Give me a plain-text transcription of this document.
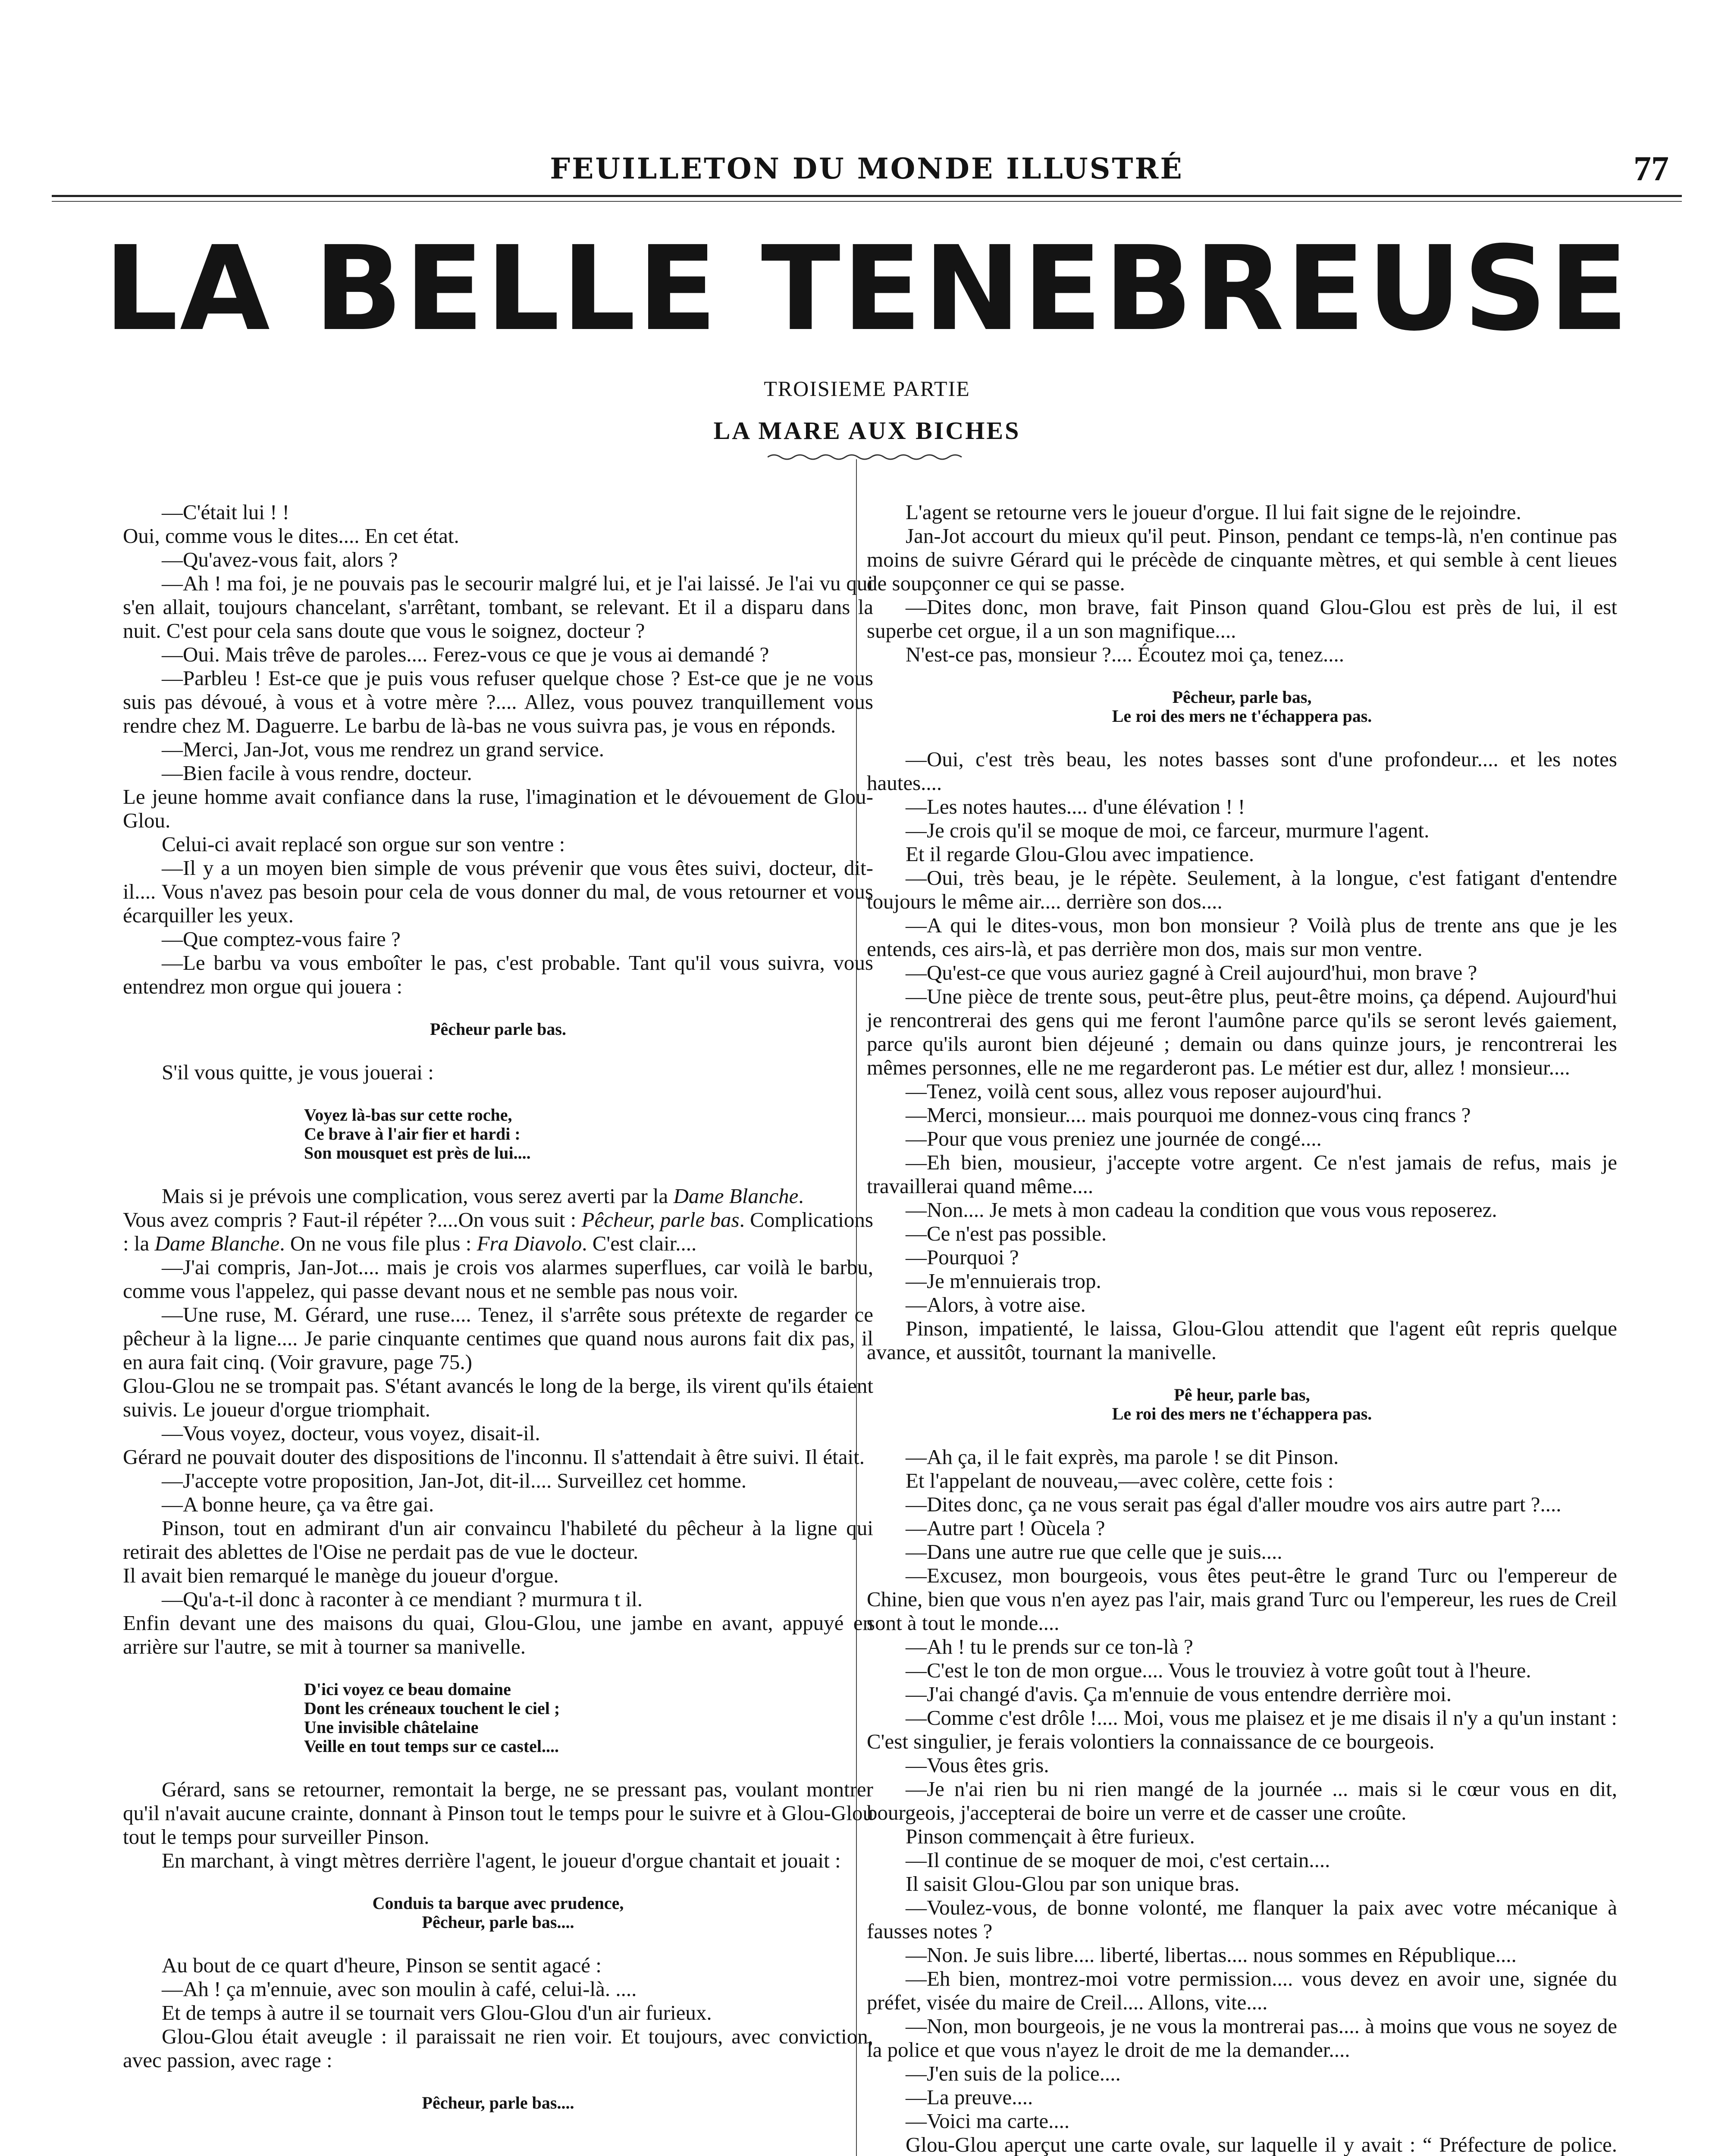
FEUILLETON DU MONDE ILLUSTRÉ	77
LA BELLE TENEBREUSE
TROISIEME PARTIE
LA MARE AUX BICHES

—C'était lui ! !

Oui, comme vous le dites.... En cet état.

—Qu'avez-vous fait, alors ?

—Ah ! ma foi, je ne pouvais pas le secourir malgré lui, et je l'ai laissé. Je l'ai vu qui s'en allait, toujours chancelant, s'arrêtant, tombant, se relevant. Et il a disparu dans la nuit. C'est pour cela sans doute que vous le soignez, docteur ?

—Oui. Mais trêve de paroles.... Ferez-vous ce que je vous ai demandé ?

—Parbleu ! Est-ce que je puis vous refuser quelque chose ? Est-ce que je ne vous suis pas dévoué, à vous et à votre mère ?.... Allez, vous pouvez tranquillement vous rendre chez M. Daguerre. Le barbu de là-bas ne vous suivra pas, je vous en réponds.

—Merci, Jan-Jot, vous me rendrez un grand service.

—Bien facile à vous rendre, docteur.

Le jeune homme avait confiance dans la ruse, l'imagination et le dévouement de Glou-Glou.

Celui-ci avait replacé son orgue sur son ventre :

—Il y a un moyen bien simple de vous prévenir que vous êtes suivi, docteur, dit-il.... Vous n'avez pas besoin pour cela de vous donner du mal, de vous retourner et vous écarquiller les yeux.

—Que comptez-vous faire ?

—Le barbu va vous emboîter le pas, c'est probable. Tant qu'il vous suivra, vous entendrez mon orgue qui jouera :

Pêcheur parle bas.

S'il vous quitte, je vous jouerai :

Voyez là-bas sur cette roche,
Ce brave à l'air fier et hardi :
Son mousquet est près de lui....

Mais si je prévois une complication, vous serez averti par la Dame Blanche.

Vous avez compris ? Faut-il répéter ?....On vous suit : Pêcheur, parle bas. Complications : la Dame Blanche. On ne vous file plus : Fra Diavolo. C'est clair....

—J'ai compris, Jan-Jot.... mais je crois vos alarmes superflues, car voilà le barbu, comme vous l'appelez, qui passe devant nous et ne semble pas nous voir.

—Une ruse, M. Gérard, une ruse.... Tenez, il s'arrête sous prétexte de regarder ce pêcheur à la ligne.... Je parie cinquante centimes que quand nous aurons fait dix pas, il en aura fait cinq. (Voir gravure, page 75.)

Glou-Glou ne se trompait pas. S'étant avancés le long de la berge, ils virent qu'ils étaient suivis. Le joueur d'orgue triomphait.

—Vous voyez, docteur, vous voyez, disait-il.

Gérard ne pouvait douter des dispositions de l'inconnu. Il s'attendait à être suivi. Il était.

—J'accepte votre proposition, Jan-Jot, dit-il.... Surveillez cet homme.

—A bonne heure, ça va être gai.

Pinson, tout en admirant d'un air convaincu l'habileté du pêcheur à la ligne qui retirait des ablettes de l'Oise ne perdait pas de vue le docteur.

Il avait bien remarqué le manège du joueur d'orgue.

—Qu'a-t-il donc à raconter à ce mendiant ? murmura t il.

Enfin devant une des maisons du quai, Glou-Glou, une jambe en avant, appuyé en arrière sur l'autre, se mit à tourner sa manivelle.

D'ici voyez ce beau domaine
Dont les créneaux touchent le ciel ;
Une invisible châtelaine
Veille en tout temps sur ce castel....

Gérard, sans se retourner, remontait la berge, ne se pressant pas, voulant montrer qu'il n'avait aucune crainte, donnant à Pinson tout le temps pour le suivre et à Glou-Glou tout le temps pour surveiller Pinson.

En marchant, à vingt mètres derrière l'agent, le joueur d'orgue chantait et jouait :

Conduis ta barque avec prudence,
Pêcheur, parle bas....

Au bout de ce quart d'heure, Pinson se sentit agacé :

—Ah ! ça m'ennuie, avec son moulin à café, celui-là. ....

Et de temps à autre il se tournait vers Glou-Glou d'un air furieux.

Glou-Glou était aveugle : il paraissait ne rien voir. Et toujours, avec conviction, avec passion, avec rage :

Pêcheur, parle bas....

L'agent se retourne vers le joueur d'orgue. Il lui fait signe de le rejoindre.

Jan-Jot accourt du mieux qu'il peut. Pinson, pendant ce temps-là, n'en continue pas moins de suivre Gérard qui le précède de cinquante mètres, et qui semble à cent lieues de soupçonner ce qui se passe.

—Dites donc, mon brave, fait Pinson quand Glou-Glou est près de lui, il est superbe cet orgue, il a un son magnifique....

N'est-ce pas, monsieur ?.... Écoutez moi ça, tenez....

Pêcheur, parle bas,
Le roi des mers ne t'échappera pas.

—Oui, c'est très beau, les notes basses sont d'une profondeur.... et les notes hautes....

—Les notes hautes.... d'une élévation ! !

—Je crois qu'il se moque de moi, ce farceur, murmure l'agent.

Et il regarde Glou-Glou avec impatience.

—Oui, très beau, je le répète. Seulement, à la longue, c'est fatigant d'entendre toujours le même air.... derrière son dos....

—A qui le dites-vous, mon bon monsieur ? Voilà plus de trente ans que je les entends, ces airs-là, et pas derrière mon dos, mais sur mon ventre.

—Qu'est-ce que vous auriez gagné à Creil aujourd'hui, mon brave ?

—Une pièce de trente sous, peut-être plus, peut-être moins, ça dépend. Aujourd'hui je rencontrerai des gens qui me feront l'aumône parce qu'ils se seront levés gaiement, parce qu'ils auront bien déjeuné ; demain ou dans quinze jours, je rencontrerai les mêmes personnes, elle ne me regarderont pas. Le métier est dur, allez ! monsieur....

—Tenez, voilà cent sous, allez vous reposer aujourd'hui.

—Merci, monsieur.... mais pourquoi me donnez-vous cinq francs ?

—Pour que vous preniez une journée de congé....

—Eh bien, mousieur, j'accepte votre argent. Ce n'est jamais de refus, mais je travaillerai quand même....

—Non.... Je mets à mon cadeau la condition que vous vous reposerez.

—Ce n'est pas possible.

—Pourquoi ?

—Je m'ennuierais trop.

—Alors, à votre aise.

Pinson, impatienté, le laissa, Glou-Glou attendit que l'agent eût repris quelque avance, et aussitôt, tournant la manivelle.

Pê heur, parle bas,
Le roi des mers ne t'échappera pas.

—Ah ça, il le fait exprès, ma parole ! se dit Pinson.

Et l'appelant de nouveau,—avec colère, cette fois :

—Dites donc, ça ne vous serait pas égal d'aller moudre vos airs autre part ?....

—Autre part ! Oùcela ?

—Dans une autre rue que celle que je suis....

—Excusez, mon bourgeois, vous êtes peut-être le grand Turc ou l'empereur de Chine, bien que vous n'en ayez pas l'air, mais grand Turc ou l'empereur, les rues de Creil sont à tout le monde....

—Ah ! tu le prends sur ce ton-là ?

—C'est le ton de mon orgue.... Vous le trouviez à votre goût tout à l'heure.

—J'ai changé d'avis. Ça m'ennuie de vous entendre derrière moi.

—Comme c'est drôle !.... Moi, vous me plaisez et je me disais il n'y a qu'un instant : C'est singulier, je ferais volontiers la connaissance de ce bourgeois.

—Vous êtes gris.

—Je n'ai rien bu ni rien mangé de la journée ... mais si le cœur vous en dit, bourgeois, j'accepterai de boire un verre et de casser une croûte.

Pinson commençait à être furieux.

—Il continue de se moquer de moi, c'est certain....

Il saisit Glou-Glou par son unique bras.

—Voulez-vous, de bonne volonté, me flanquer la paix avec votre mécanique à fausses notes ?

—Non. Je suis libre.... liberté, libertas.... nous sommes en République....

—Eh bien, montrez-moi votre permission.... vous devez en avoir une, signée du préfet, visée du maire de Creil.... Allons, vite....

—Non, mon bourgeois, je ne vous la montrerai pas.... à moins que vous ne soyez de la police et que vous n'ayez le droit de me la demander....

—J'en suis de la police....

—La preuve....

—Voici ma carte....

Glou-Glou aperçut une carte ovale, sur laquelle il y avait : “ Préfecture de police.
